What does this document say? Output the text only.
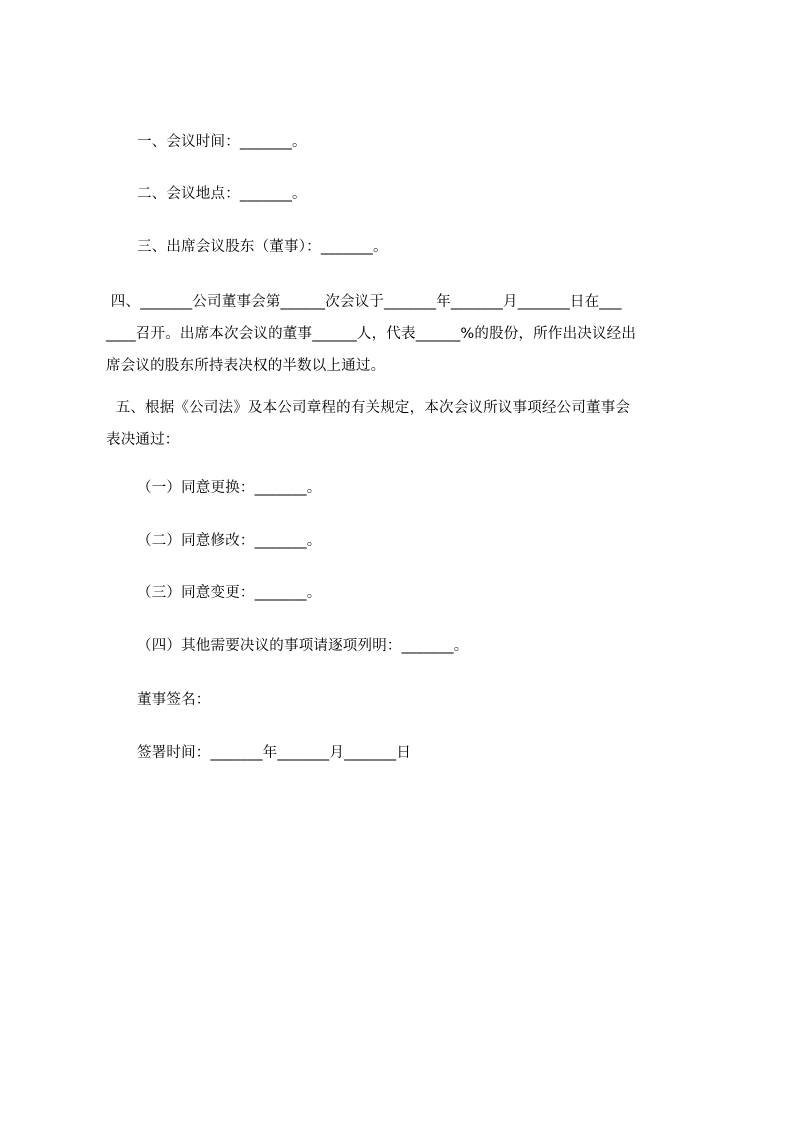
一、会议时间：_______。
二、会议地点：_______。
三、出席会议股东（董事）：_______。
四、_______公司董事会第______次会议于_______年_______月_______日在___
____召开。出席本次会议的董事______人，代表______%的股份，所作出决议经出
席会议的股东所持表决权的半数以上通过。
五、根据《公司法》及本公司章程的有关规定，本次会议所议事项经公司董事会
表决通过：
（一）同意更换：_______。
（二）同意修改：_______。
（三）同意变更：_______。
（四）其他需要决议的事项请逐项列明：_______。
董事签名：
签署时间：_______年_______月_______日
